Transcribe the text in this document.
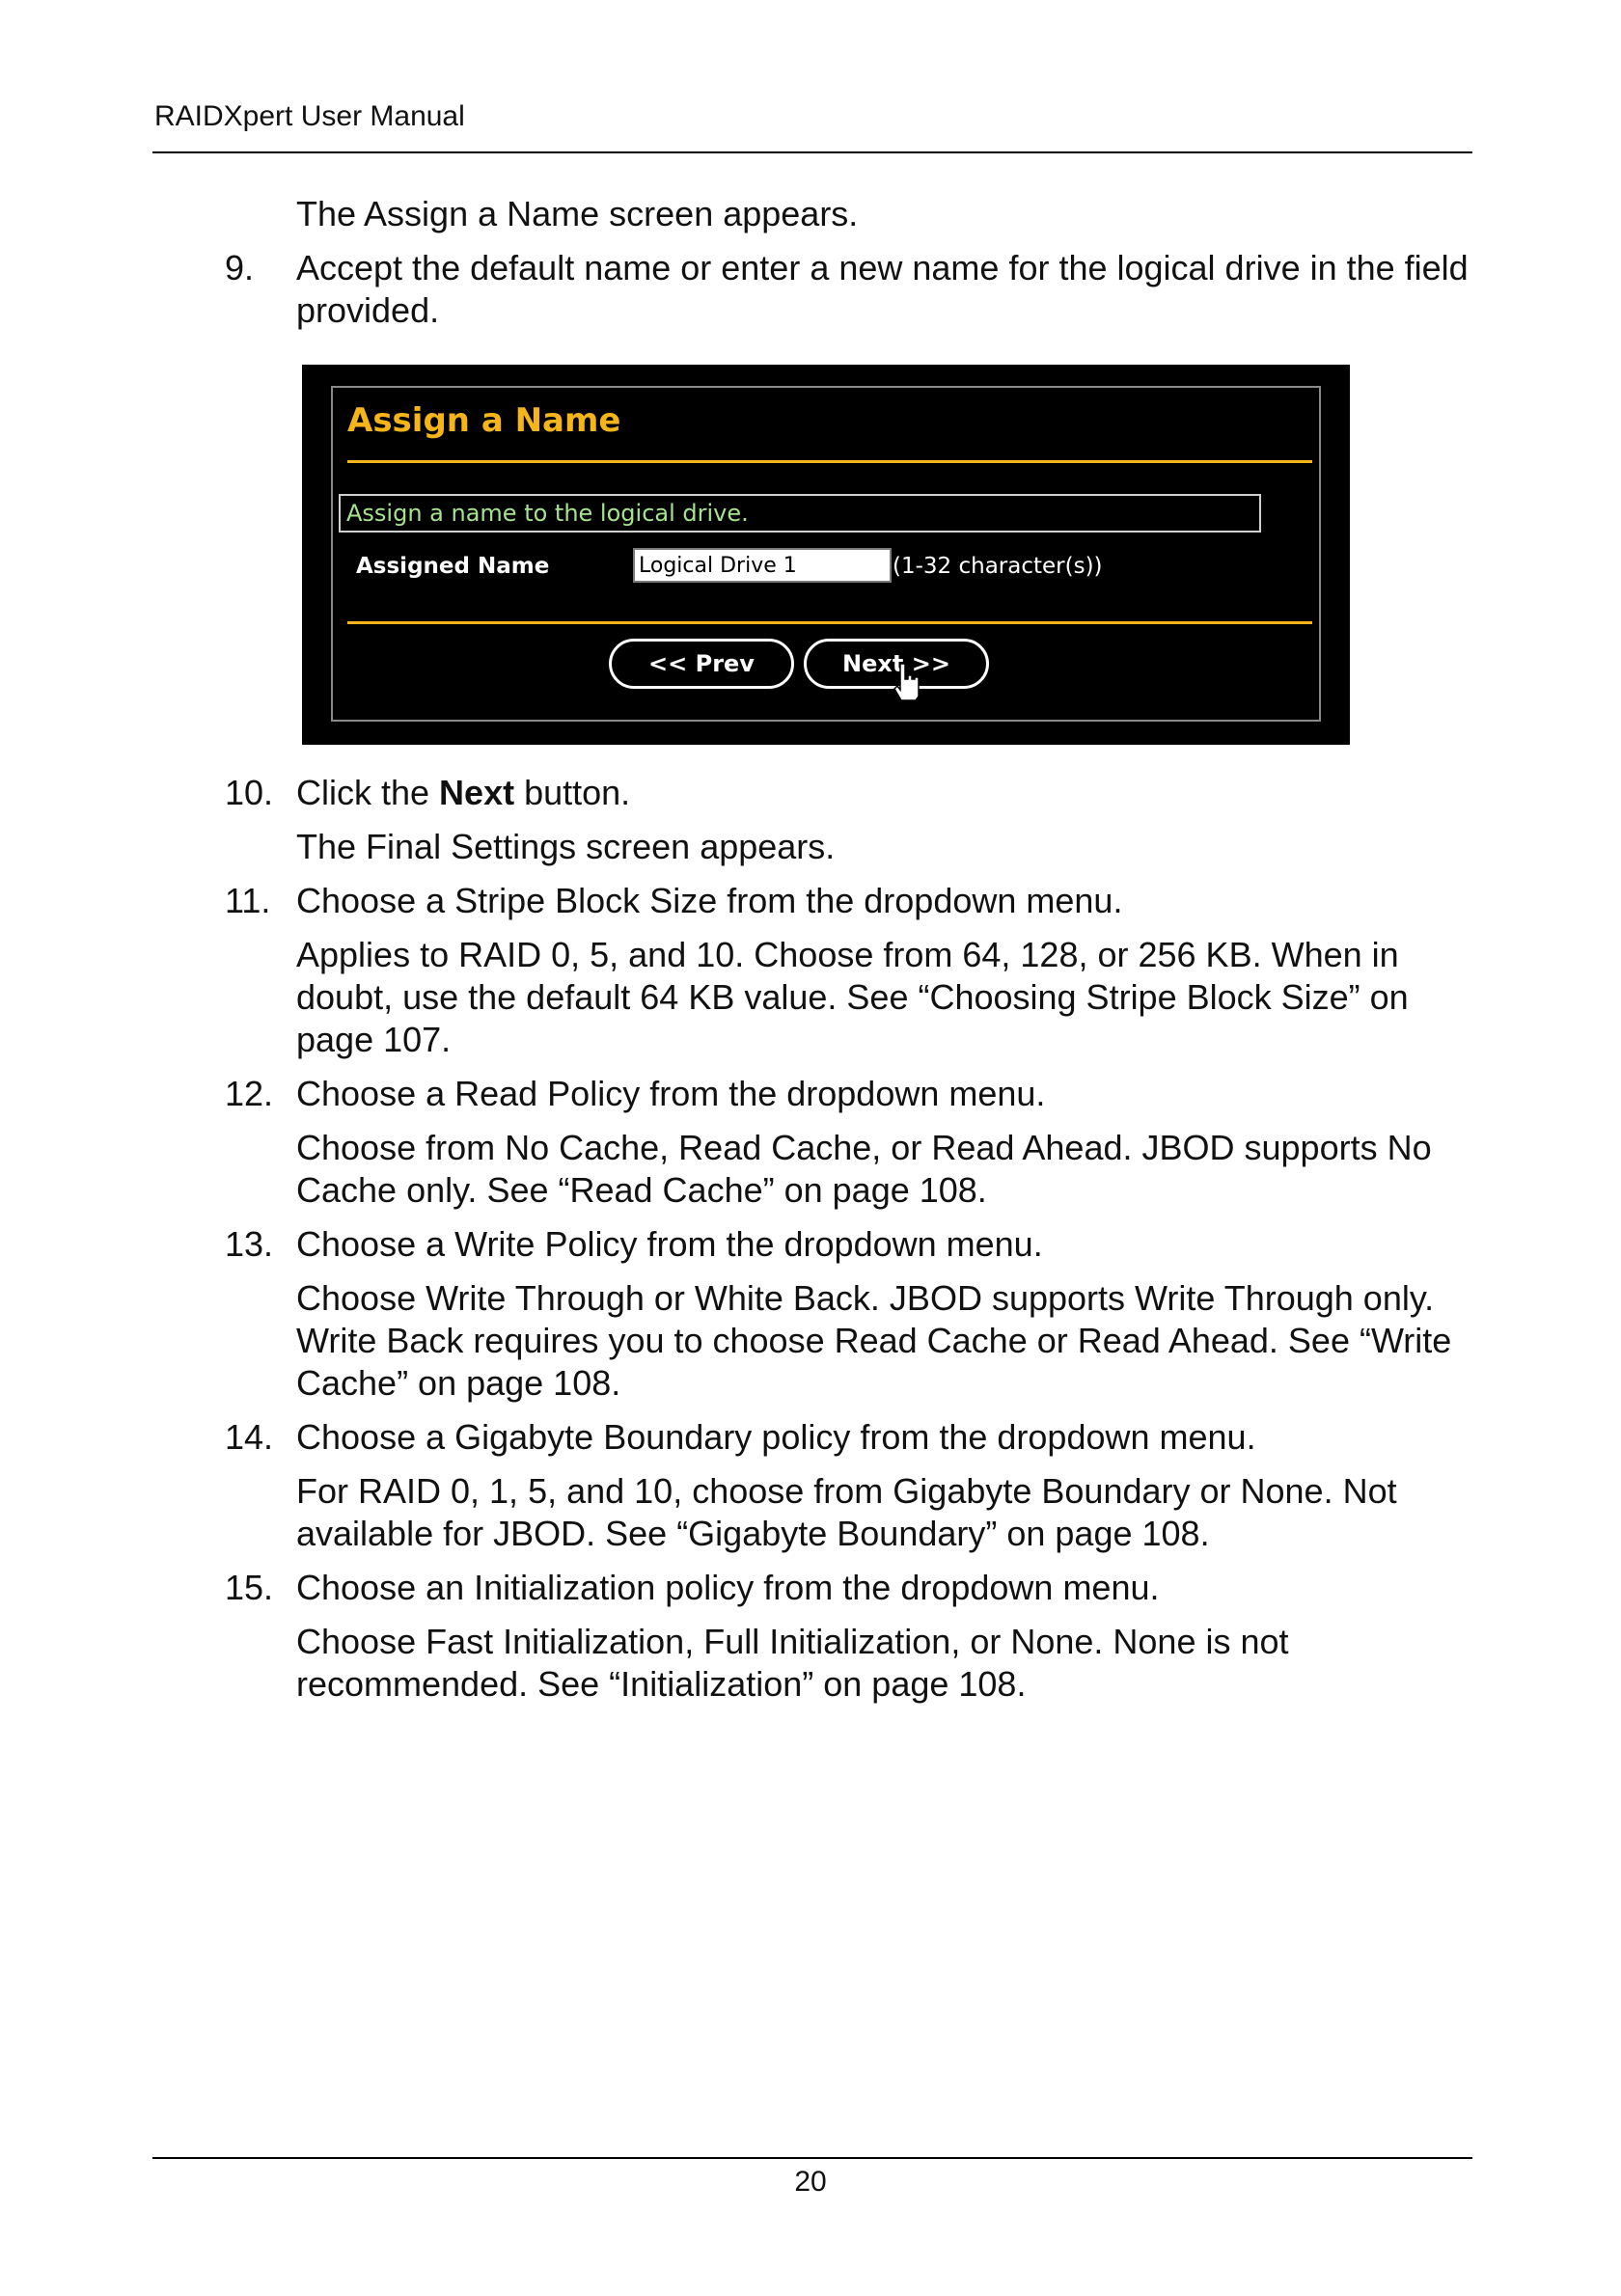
RAIDXpert User Manual

The Assign a Name screen appears.

9.	Accept the default name or enter a new name for the logical drive in the field provided.
Assign a Name
Assign a name to the logical drive.
Assigned Name
Logical Drive 1	(1-32 character(s))
<< Prev	Next >>
10. Click the Next button.

The Final Settings screen appears.

11. Choose a Stripe Block Size from the dropdown menu.

Applies to RAID 0, 5, and 10. Choose from 64, 128, or 256 KB. When in doubt, use the default 64 KB value. See “Choosing Stripe Block Size” on page 107.

12. Choose a Read Policy from the dropdown menu.

Choose from No Cache, Read Cache, or Read Ahead. JBOD supports No Cache only. See “Read Cache” on page 108.

13. Choose a Write Policy from the dropdown menu.

Choose Write Through or White Back. JBOD supports Write Through only. Write Back requires you to choose Read Cache or Read Ahead. See “Write Cache” on page 108.

14. Choose a Gigabyte Boundary policy from the dropdown menu.

For RAID 0, 1, 5, and 10, choose from Gigabyte Boundary or None. Not available for JBOD. See “Gigabyte Boundary” on page 108.

15. Choose an Initialization policy from the dropdown menu.

Choose Fast Initialization, Full Initialization, or None. None is not recommended. See “Initialization” on page 108.

20
